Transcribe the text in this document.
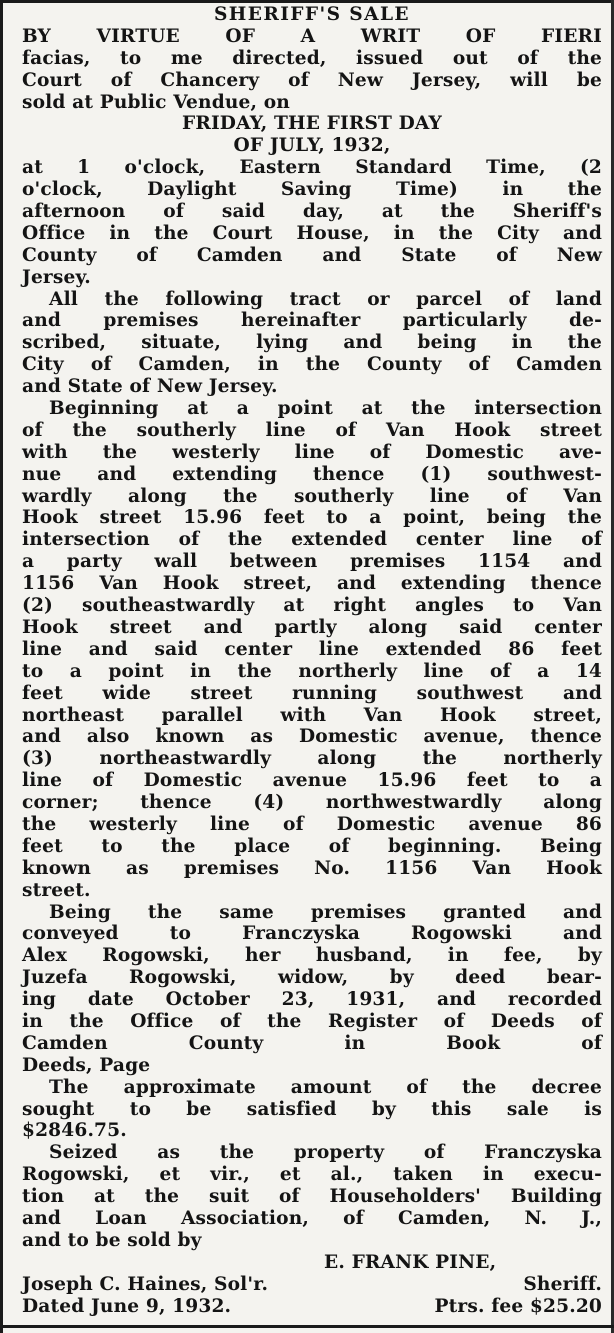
SHERIFF'S SALE
BY VIRTUE OF A WRIT OF FIERI
facias, to me directed, issued out of the
Court of Chancery of New Jersey, will be
sold at Public Vendue, on
FRIDAY, THE FIRST DAY
OF JULY, 1932,
at 1 o'clock, Eastern Standard Time, (2
o'clock, Daylight Saving Time) in the
afternoon of said day, at the Sheriff's
Office in the Court House, in the City and
County of Camden and State of New
Jersey.
All the following tract or parcel of land
and premises hereinafter particularly de-
scribed, situate, lying and being in the
City of Camden, in the County of Camden
and State of New Jersey.
Beginning at a point at the intersection
of the southerly line of Van Hook street
with the westerly line of Domestic ave-
nue and extending thence (1) southwest-
wardly along the southerly line of Van
Hook street 15.96 feet to a point, being the
intersection of the extended center line of
a party wall between premises 1154 and
1156 Van Hook street, and extending thence
(2) southeastwardly at right angles to Van
Hook street and partly along said center
line and said center line extended 86 feet
to a point in the northerly line of a 14
feet wide street running southwest and
northeast parallel with Van Hook street,
and also known as Domestic avenue, thence
(3) northeastwardly along the northerly
line of Domestic avenue 15.96 feet to a
corner; thence (4) northwestwardly along
the westerly line of Domestic avenue 86
feet to the place of beginning. Being
known as premises No. 1156 Van Hook
street.
Being the same premises granted and
conveyed to Franczyska Rogowski and
Alex Rogowski, her husband, in fee, by
Juzefa Rogowski, widow, by deed bear-
ing date October 23, 1931, and recorded
in the Office of the Register of Deeds of
Camden County in Book of
Deeds, Page
The approximate amount of the decree
sought to be satisfied by this sale is
$2846.75.
Seized as the property of Franczyska
Rogowski, et vir., et al., taken in execu-
tion at the suit of Householders' Building
and Loan Association, of Camden, N. J.,
and to be sold by
E. FRANK PINE,
Joseph C. Haines, Sol'r.	Sheriff.
Dated June 9, 1932.	Ptrs. fee $25.20
